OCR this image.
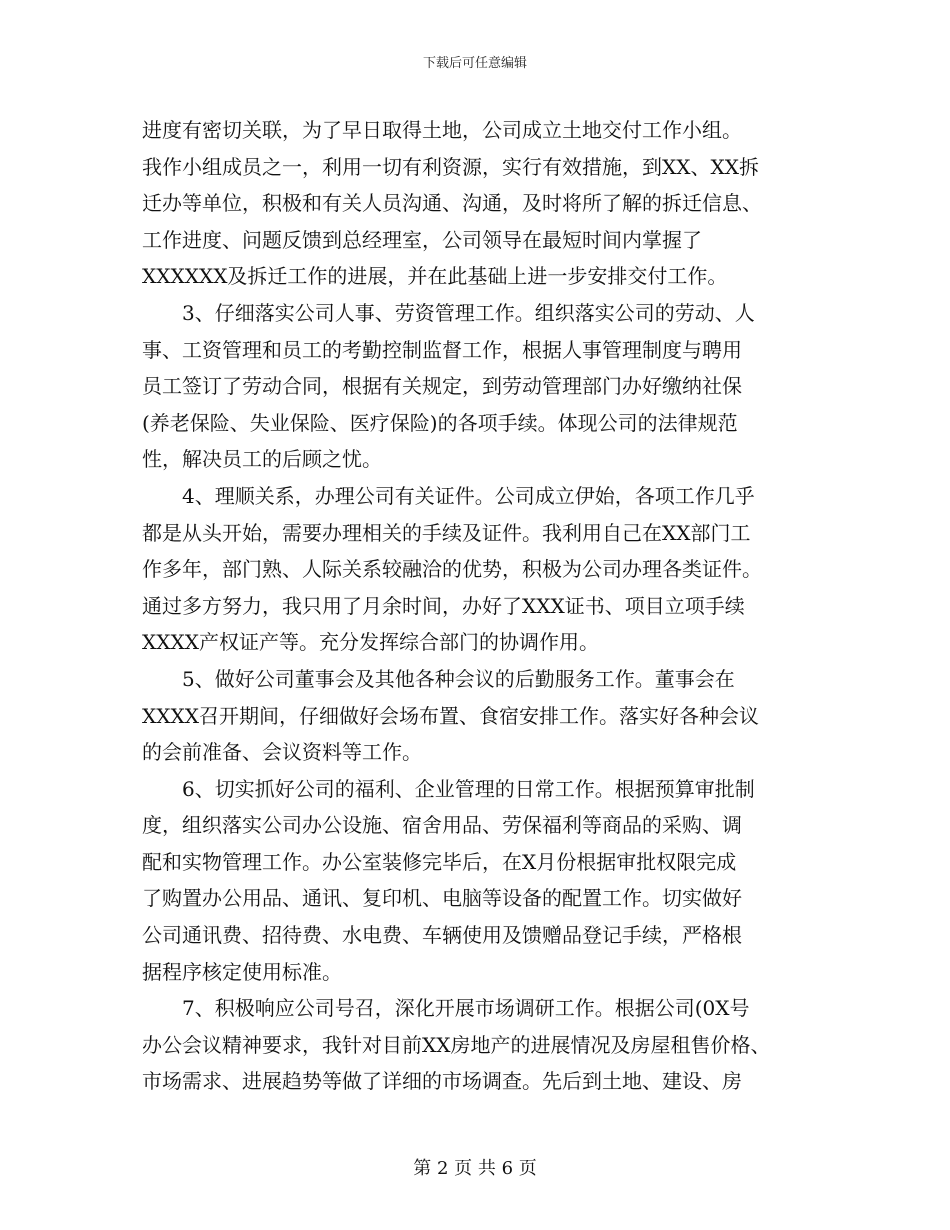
下载后可任意编辑
进度有密切关联，为了早日取得土地，公司成立土地交付工作小组。
我作小组成员之一，利用一切有利资源，实行有效措施，到XX、XX拆
迁办等单位，积极和有关人员沟通、沟通，及时将所了解的拆迁信息、
工作进度、问题反馈到总经理室，公司领导在最短时间内掌握了
XXXXXX及拆迁工作的进展，并在此基础上进一步安排交付工作。
3、仔细落实公司人事、劳资管理工作。组织落实公司的劳动、人
事、工资管理和员工的考勤控制监督工作，根据人事管理制度与聘用
员工签订了劳动合同，根据有关规定，到劳动管理部门办好缴纳社保
(养老保险、失业保险、医疗保险)的各项手续。体现公司的法律规范
性，解决员工的后顾之忧。
4、理顺关系，办理公司有关证件。公司成立伊始，各项工作几乎
都是从头开始，需要办理相关的手续及证件。我利用自己在XX部门工
作多年，部门熟、人际关系较融洽的优势，积极为公司办理各类证件。
通过多方努力，我只用了月余时间，办好了XXX证书、项目立项手续
XXXX产权证产等。充分发挥综合部门的协调作用。
5、做好公司董事会及其他各种会议的后勤服务工作。董事会在
XXXX召开期间，仔细做好会场布置、食宿安排工作。落实好各种会议
的会前准备、会议资料等工作。
6、切实抓好公司的福利、企业管理的日常工作。根据预算审批制
度，组织落实公司办公设施、宿舍用品、劳保福利等商品的采购、调
配和实物管理工作。办公室装修完毕后，在X月份根据审批权限完成
了购置办公用品、通讯、复印机、电脑等设备的配置工作。切实做好
公司通讯费、招待费、水电费、车辆使用及馈赠品登记手续，严格根
据程序核定使用标准。
7、积极响应公司号召，深化开展市场调研工作。根据公司(0X号
办公会议精神要求，我针对目前XX房地产的进展情况及房屋租售价格、
市场需求、进展趋势等做了详细的市场调查。先后到土地、建设、房
第 2 页 共 6 页
